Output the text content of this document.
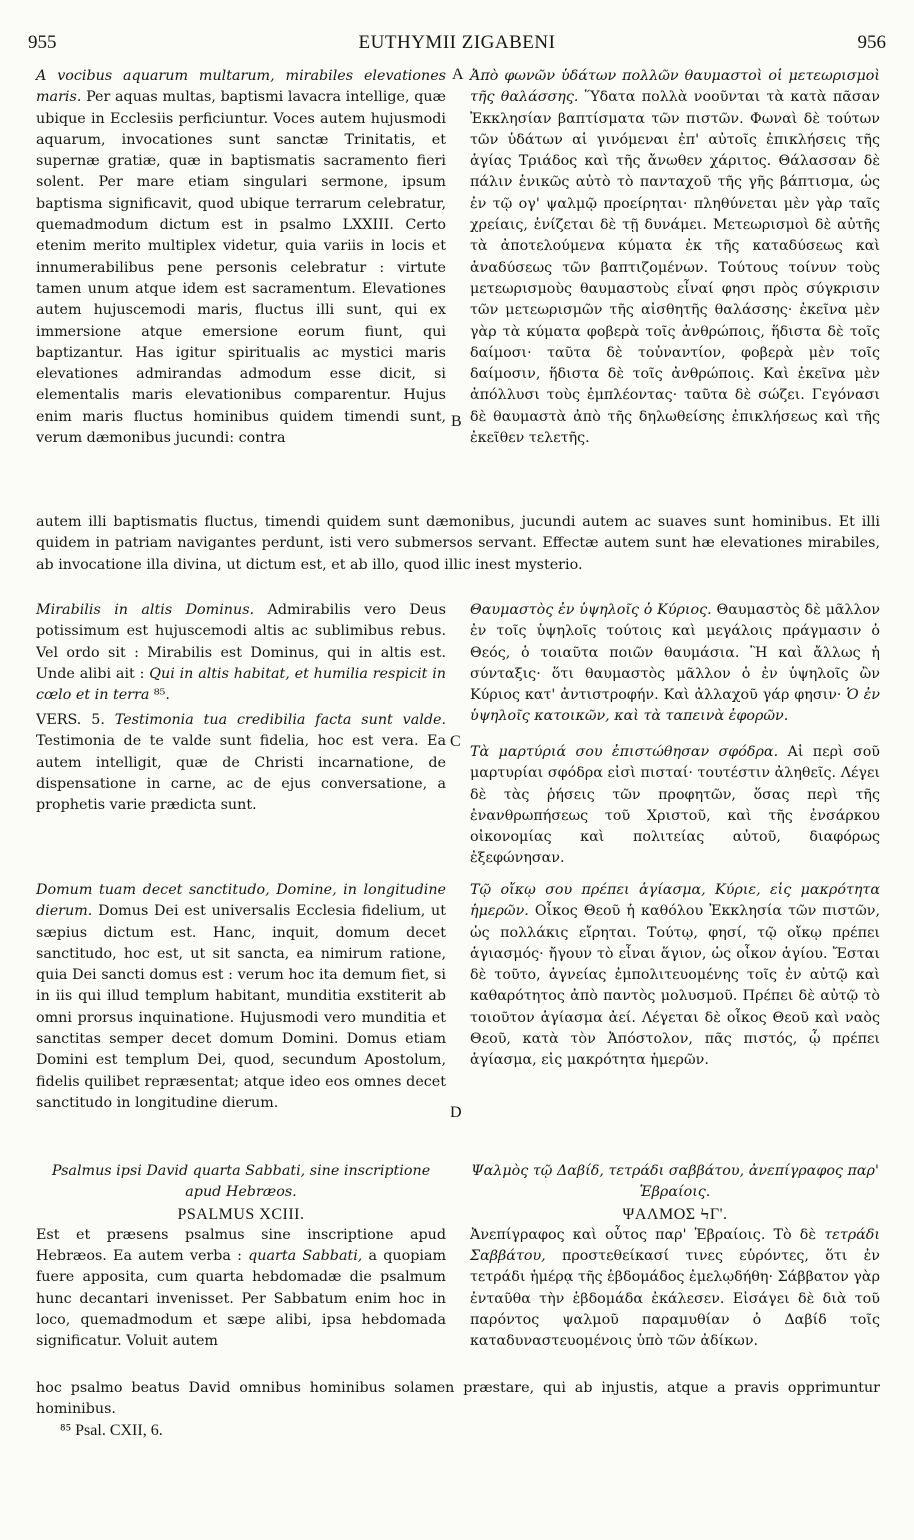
955	EUTHYMII ZIGABENI	956
A
B
C
D

A vocibus aquarum multarum, mirabiles elevationes maris. Per aquas multas, baptismi lavacra intellige, quæ ubique in Ecclesiis perficiuntur. Voces autem hujusmodi aquarum, invocationes sunt sanctæ Trinitatis, et supernæ gratiæ, quæ in baptismatis sacramento fieri solent. Per mare etiam singulari sermone, ipsum baptisma significavit, quod ubique terrarum celebratur, quemadmodum dictum est in psalmo LXXIII. Certo etenim merito multiplex videtur, quia variis in locis et innumerabilibus pene personis celebratur : virtute tamen unum atque idem est sacramentum. Elevationes autem hujuscemodi maris, fluctus illi sunt, qui ex immersione atque emersione eorum fiunt, qui baptizantur. Has igitur spiritualis ac mystici maris elevationes admirandas admodum esse dicit, si elementalis maris elevationibus comparentur. Hujus enim maris fluctus hominibus quidem timendi sunt, verum dæmonibus jucundi: contra

Ἀπὸ φωνῶν ὑδάτων πολλῶν θαυμαστοὶ οἱ μετεωρισμοὶ τῆς θαλάσσης. Ὕδατα πολλὰ νοοῦνται τὰ κατὰ πᾶσαν Ἐκκλησίαν βαπτίσματα τῶν πιστῶν. Φωναὶ δὲ τούτων τῶν ὑδάτων αἱ γινόμεναι ἐπ' αὐτοῖς ἐπικλήσεις τῆς ἁγίας Τριάδος καὶ τῆς ἄνωθεν χάριτος. Θάλασσαν δὲ πάλιν ἑνικῶς αὐτὸ τὸ πανταχοῦ τῆς γῆς βάπτισμα, ὡς ἐν τῷ ογ' ψαλμῷ προείρηται· πληθύνεται μὲν γὰρ ταῖς χρείαις, ἑνίζεται δὲ τῇ δυνάμει. Μετεωρισμοὶ δὲ αὐτῆς τὰ ἀποτελούμενα κύματα ἐκ τῆς καταδύσεως καὶ ἀναδύσεως τῶν βαπτιζομένων. Τούτους τοίνυν τοὺς μετεωρισμοὺς θαυμαστοὺς εἶναί φησι πρὸς σύγκρισιν τῶν μετεωρισμῶν τῆς αἰσθητῆς θαλάσσης· ἐκεῖνα μὲν γὰρ τὰ κύματα φοβερὰ τοῖς ἀνθρώποις, ἥδιστα δὲ τοῖς δαίμοσι· ταῦτα δὲ τοὐναντίον, φοβερὰ μὲν τοῖς δαίμοσιν, ἥδιστα δὲ τοῖς ἀνθρώποις. Καὶ ἐκεῖνα μὲν ἀπόλλυσι τοὺς ἐμπλέοντας· ταῦτα δὲ σώζει. Γεγόνασι δὲ θαυμαστὰ ἀπὸ τῆς δηλωθείσης ἐπικλήσεως καὶ τῆς ἐκεῖθεν τελετῆς.

autem illi baptismatis fluctus, timendi quidem sunt dæmonibus, jucundi autem ac suaves sunt hominibus. Et illi quidem in patriam navigantes perdunt, isti vero submersos servant. Effectæ autem sunt hæ elevationes mirabiles, ab invocatione illa divina, ut dictum est, et ab illo, quod illic inest mysterio.

Mirabilis in altis Dominus. Admirabilis vero Deus potissimum est hujuscemodi altis ac sublimibus rebus. Vel ordo sit : Mirabilis est Dominus, qui in altis est. Unde alibi ait : Qui in altis habitat, et humilia respicit in cœlo et in terra ⁸⁵.

Θαυμαστὸς ἐν ὑψηλοῖς ὁ Κύριος. Θαυμαστὸς δὲ μᾶλλον ἐν τοῖς ὑψηλοῖς τούτοις καὶ μεγάλοις πράγμασιν ὁ Θεός, ὁ τοιαῦτα ποιῶν θαυμάσια. Ἢ καὶ ἄλλως ἡ σύνταξις· ὅτι θαυμαστὸς μᾶλλον ὁ ἐν ὑψηλοῖς ὢν Κύριος κατ' ἀντιστροφήν. Καὶ ἀλλαχοῦ γάρ φησιν· Ὁ ἐν ὑψηλοῖς κατοικῶν, καὶ τὰ ταπεινὰ ἐφορῶν.

VERS. 5. Testimonia tua credibilia facta sunt valde. Testimonia de te valde sunt fidelia, hoc est vera. Ea autem intelligit, quæ de Christi incarnatione, de dispensatione in carne, ac de ejus conversatione, a prophetis varie prædicta sunt.

Τὰ μαρτύριά σου ἐπιστώθησαν σφόδρα. Αἱ περὶ σοῦ μαρτυρίαι σφόδρα εἰσὶ πισταί· τουτέστιν ἀληθεῖς. Λέγει δὲ τὰς ῥήσεις τῶν προφητῶν, ὅσας περὶ τῆς ἐνανθρωπήσεως τοῦ Χριστοῦ, καὶ τῆς ἐνσάρκου οἰκονομίας καὶ πολιτείας αὐτοῦ, διαφόρως ἐξεφώνησαν.

Domum tuam decet sanctitudo, Domine, in longitudine dierum. Domus Dei est universalis Ecclesia fidelium, ut sæpius dictum est. Hanc, inquit, domum decet sanctitudo, hoc est, ut sit sancta, ea nimirum ratione, quia Dei sancti domus est : verum hoc ita demum fiet, si in iis qui illud templum habitant, munditia exstiterit ab omni prorsus inquinatione. Hujusmodi vero munditia et sanctitas semper decet domum Domini. Domus etiam Domini est templum Dei, quod, secundum Apostolum, fidelis quilibet repræsentat; atque ideo eos omnes decet sanctitudo in longitudine dierum.

Τῷ οἴκῳ σου πρέπει ἁγίασμα, Κύριε, εἰς μακρότητα ἡμερῶν. Οἶκος Θεοῦ ἡ καθόλου Ἐκκλησία τῶν πιστῶν, ὡς πολλάκις εἴρηται. Τούτῳ, φησί, τῷ οἴκῳ πρέπει ἁγιασμός· ἤγουν τὸ εἶναι ἅγιον, ὡς οἶκον ἁγίου. Ἔσται δὲ τοῦτο, ἁγνείας ἐμπολιτευομένης τοῖς ἐν αὐτῷ καὶ καθαρότητος ἀπὸ παντὸς μολυσμοῦ. Πρέπει δὲ αὐτῷ τὸ τοιοῦτον ἁγίασμα ἀεί. Λέγεται δὲ οἶκος Θεοῦ καὶ ναὸς Θεοῦ, κατὰ τὸν Ἀπόστολον, πᾶς πιστός, ᾧ πρέπει ἁγίασμα, εἰς μακρότητα ἡμερῶν.

Psalmus ipsi David quarta Sabbati, sine inscriptione apud Hebræos.

PSALMUS XCIII.

Est et præsens psalmus sine inscriptione apud Hebræos. Ea autem verba : quarta Sabbati, a quopiam fuere apposita, cum quarta hebdomadæ die psalmum hunc decantari invenisset. Per Sabbatum enim hoc in loco, quemadmodum et sæpe alibi, ipsa hebdomada significatur. Voluit autem

Ψαλμὸς τῷ Δαβίδ, τετράδι σαββάτου, ἀνεπίγραφος παρ' Ἑβραίοις.

ΨΑΛΜΟΣ ϞΓ'.

Ἀνεπίγραφος καὶ οὗτος παρ' Ἑβραίοις. Τὸ δὲ τετράδι Σαββάτου, προστεθείκασί τινες εὑρόντες, ὅτι ἐν τετράδι ἡμέρᾳ τῆς ἑβδομάδος ἐμελῳδήθη· Σάββατον γὰρ ἐνταῦθα τὴν ἑβδομάδα ἐκάλεσεν. Εἰσάγει δὲ διὰ τοῦ παρόντος ψαλμοῦ παραμυθίαν ὁ Δαβίδ τοῖς καταδυναστευομένοις ὑπὸ τῶν ἀδίκων.

hoc psalmo beatus David omnibus hominibus solamen præstare, qui ab injustis, atque a pravis opprimuntur hominibus.

⁸⁵ Psal. CXII, 6.
